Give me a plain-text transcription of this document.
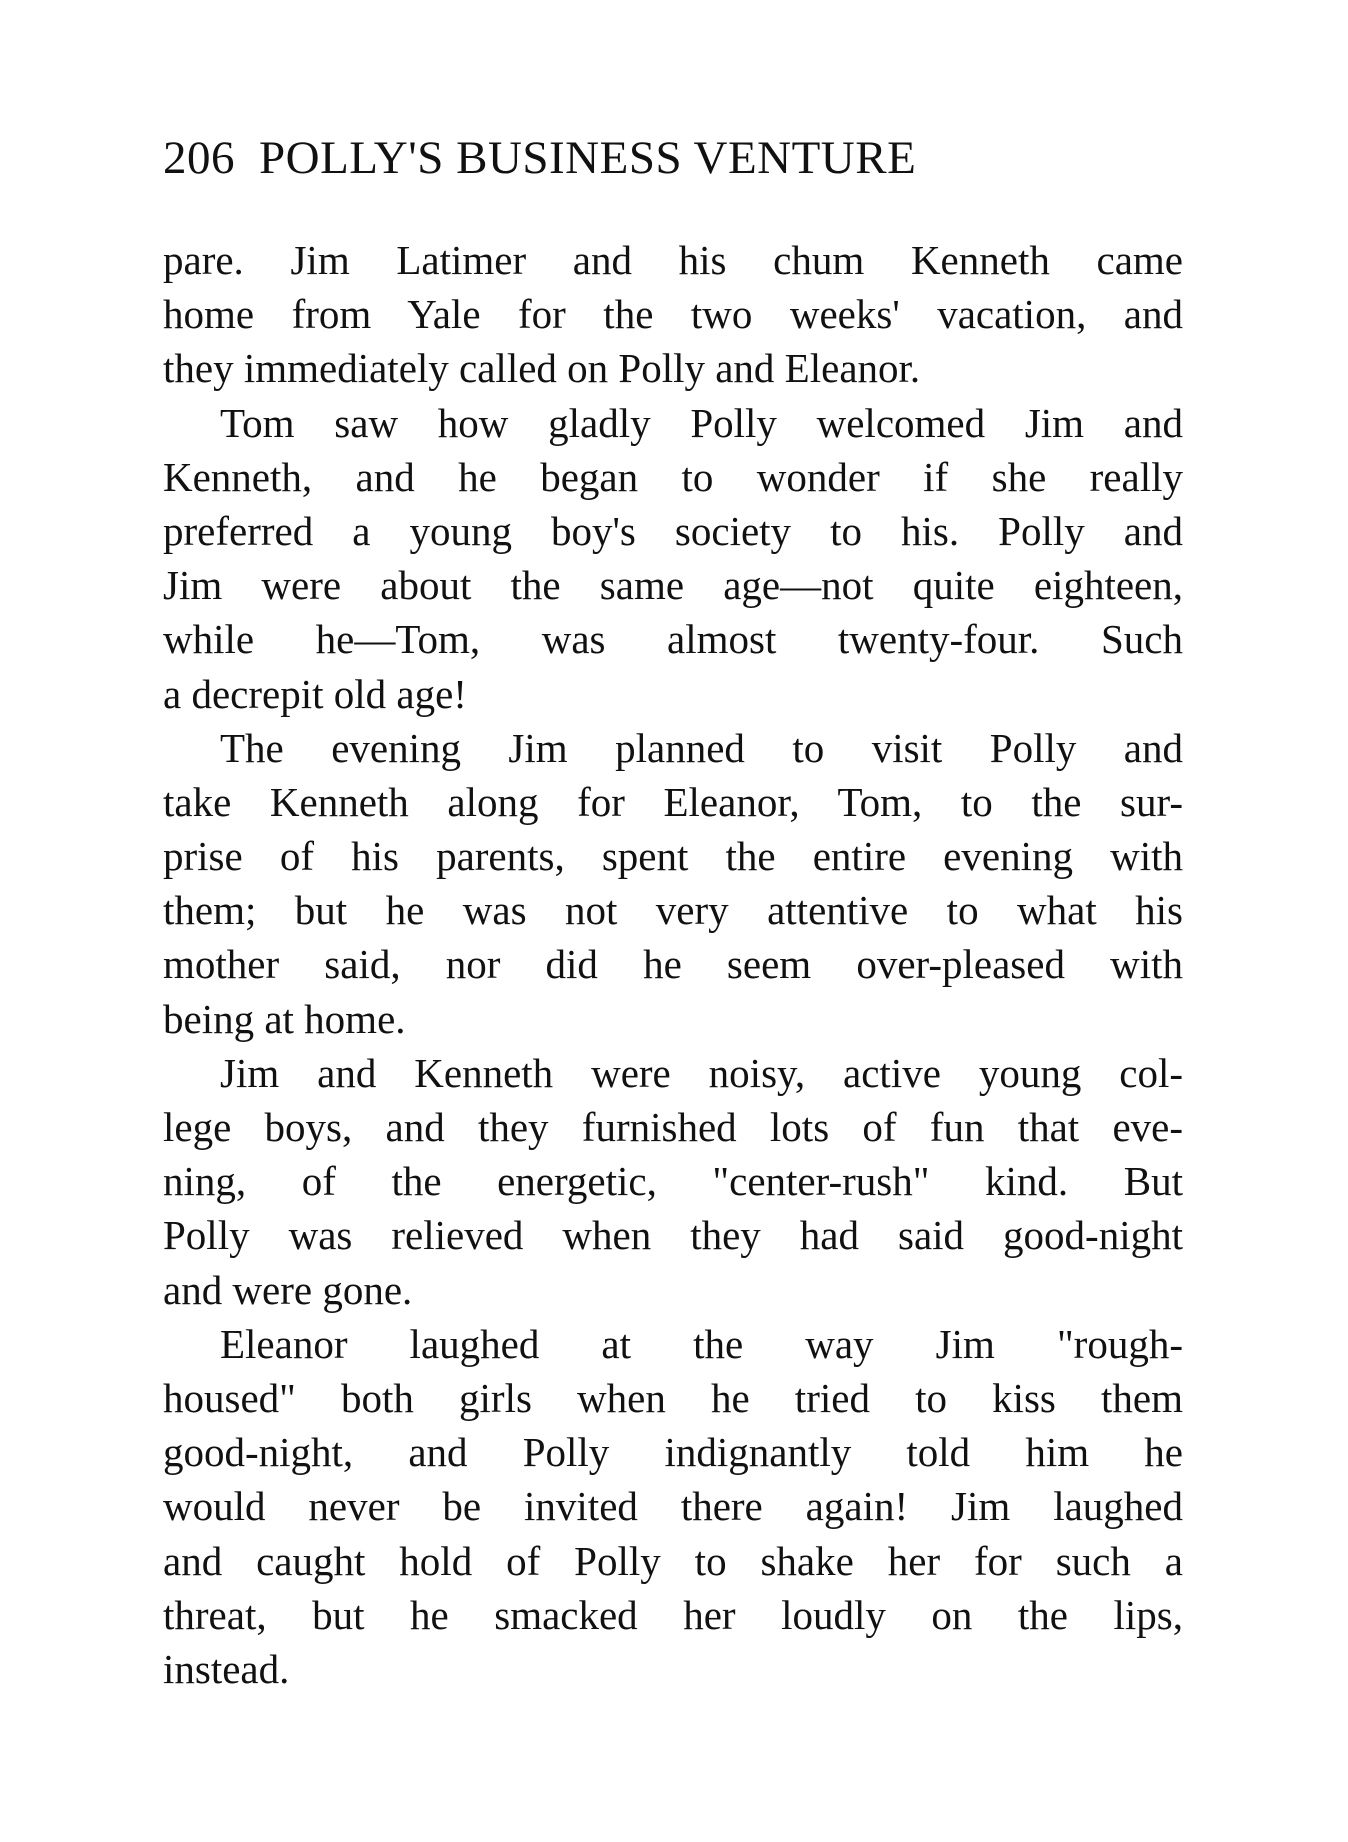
206 POLLY'S BUSINESS VENTURE

pare. Jim Latimer and his chum Kenneth came
home from Yale for the two weeks' vacation, and
they immediately called on Polly and Eleanor.

Tom saw how gladly Polly welcomed Jim and
Kenneth, and he began to wonder if she really
preferred a young boy's society to his. Polly and
Jim were about the same age—not quite eighteen,
while he—Tom, was almost twenty-four. Such
a decrepit old age!

The evening Jim planned to visit Polly and
take Kenneth along for Eleanor, Tom, to the sur-
prise of his parents, spent the entire evening with
them; but he was not very attentive to what his
mother said, nor did he seem over-pleased with
being at home.

Jim and Kenneth were noisy, active young col-
lege boys, and they furnished lots of fun that eve-
ning, of the energetic, "center-rush" kind. But
Polly was relieved when they had said good-night
and were gone.

Eleanor laughed at the way Jim "rough-
housed" both girls when he tried to kiss them
good-night, and Polly indignantly told him he
would never be invited there again! Jim laughed
and caught hold of Polly to shake her for such a
threat, but he smacked her loudly on the lips,
instead.
